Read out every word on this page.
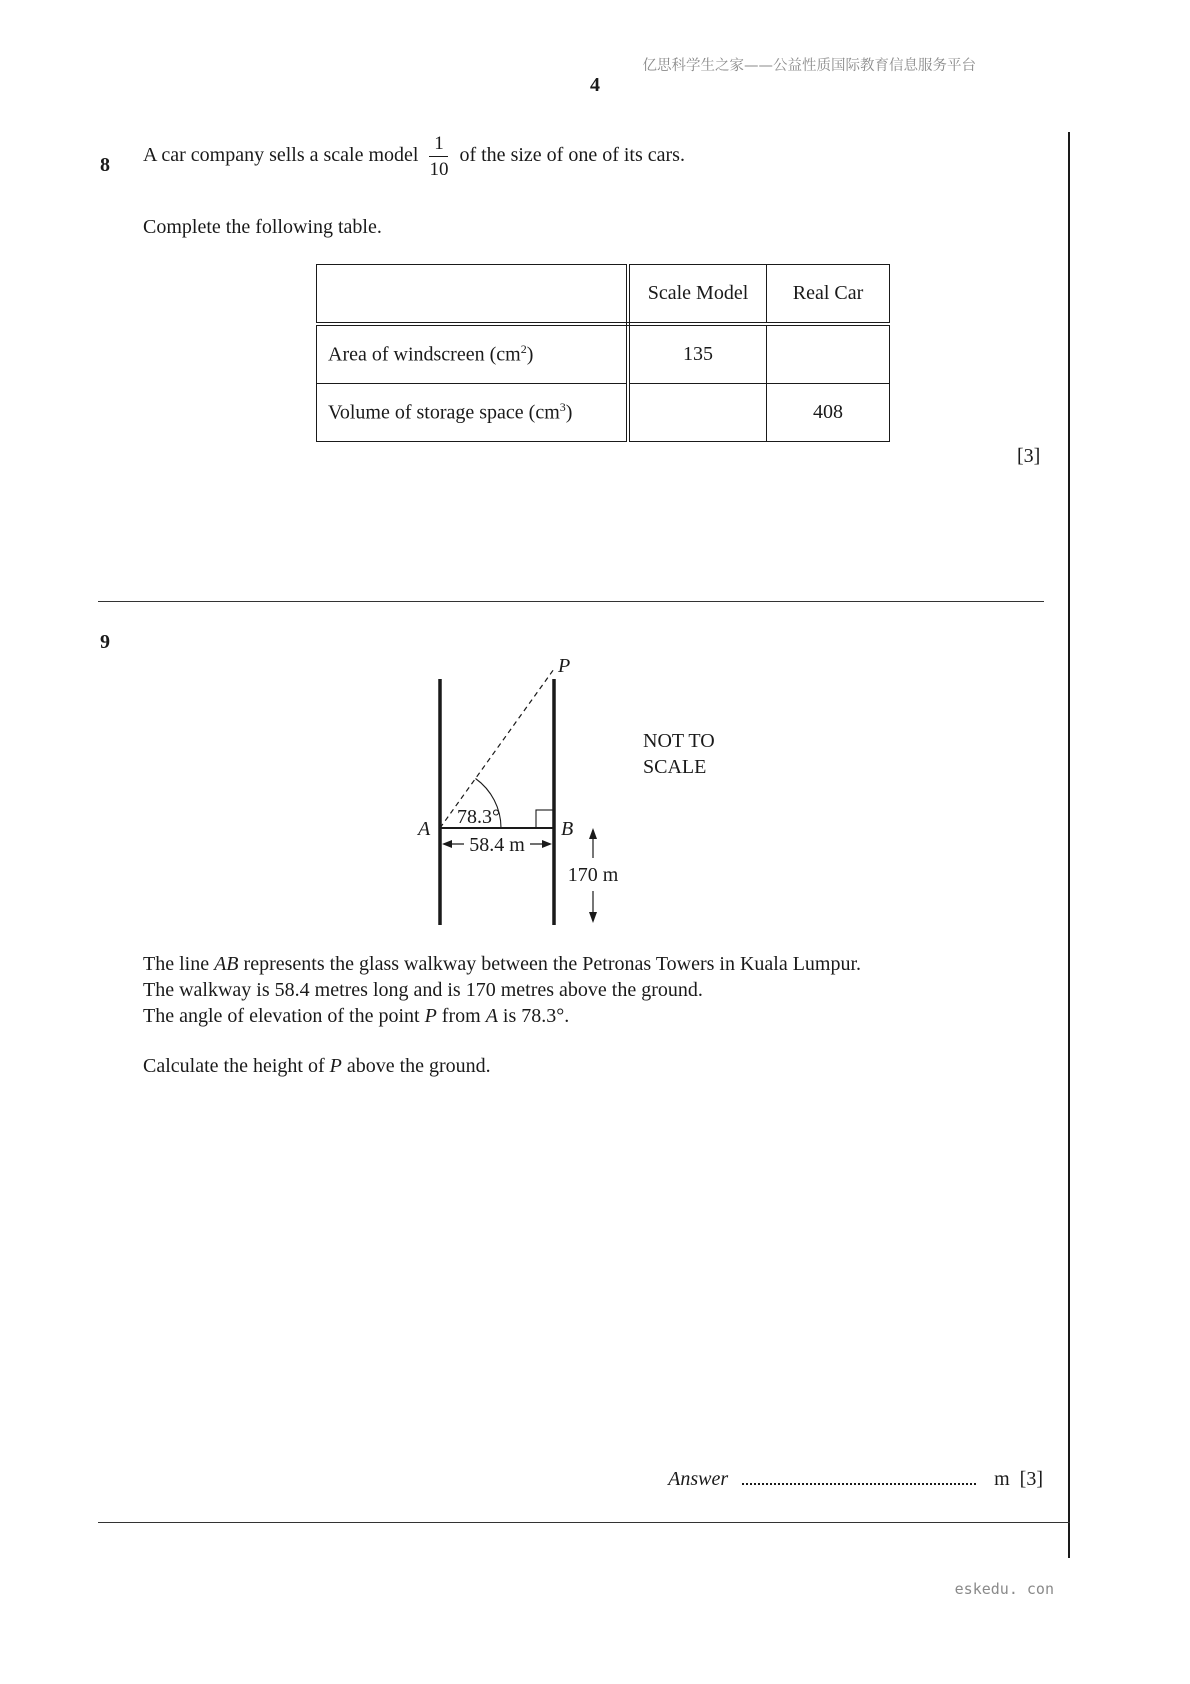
亿思科学生之家——公益性质国际教育信息服务平台
4
8 A car company sells a scale model $\frac{1}{10}$ of the size of one of its cars.
Complete the following table.
	Scale Model	Real Car
Area of windscreen $(cm^2)$	135	
Volume of storage space $(cm^3)$		408
[3]
9
P
A	B
78.3°
58.4 m
170 m
NOT TO
SCALE
The line AB represents the glass walkway between the Petronas Towers in Kuala Lumpur.
The walkway is 58.4 metres long and is 170 metres above the ground.
The angle of elevation of the point P from A is 78.3°.
Calculate the height of P above the ground.
Answer	m [3]
eskedu. con
